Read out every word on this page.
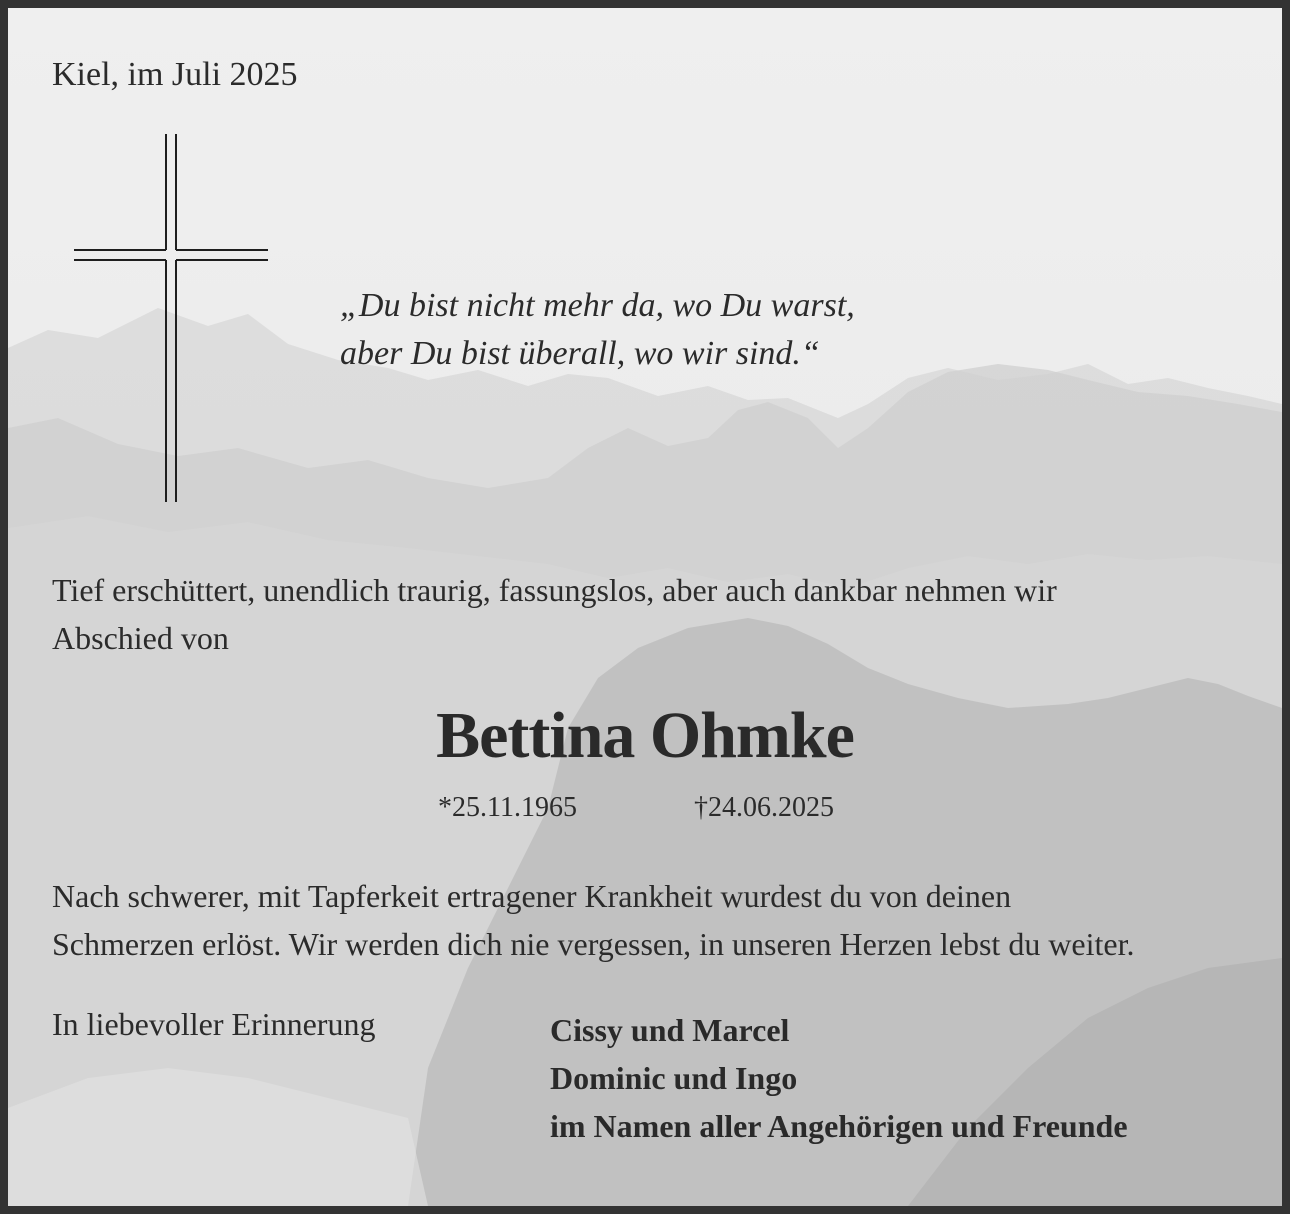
Kiel, im Juli 2025
„Du bist nicht mehr da, wo Du warst,
aber Du bist überall, wo wir sind.“
Tief erschüttert, unendlich traurig, fassungslos, aber auch dankbar nehmen wir
Abschied von
Bettina Ohmke
*25.11.1965	†24.06.2025
Nach schwerer, mit Tapferkeit ertragener Krankheit wurdest du von deinen
Schmerzen erlöst. Wir werden dich nie vergessen, in unseren Herzen lebst du weiter.
In liebevoller Erinnerung	Cissy und Marcel
Dominic und Ingo
im Namen aller Angehörigen und Freunde
